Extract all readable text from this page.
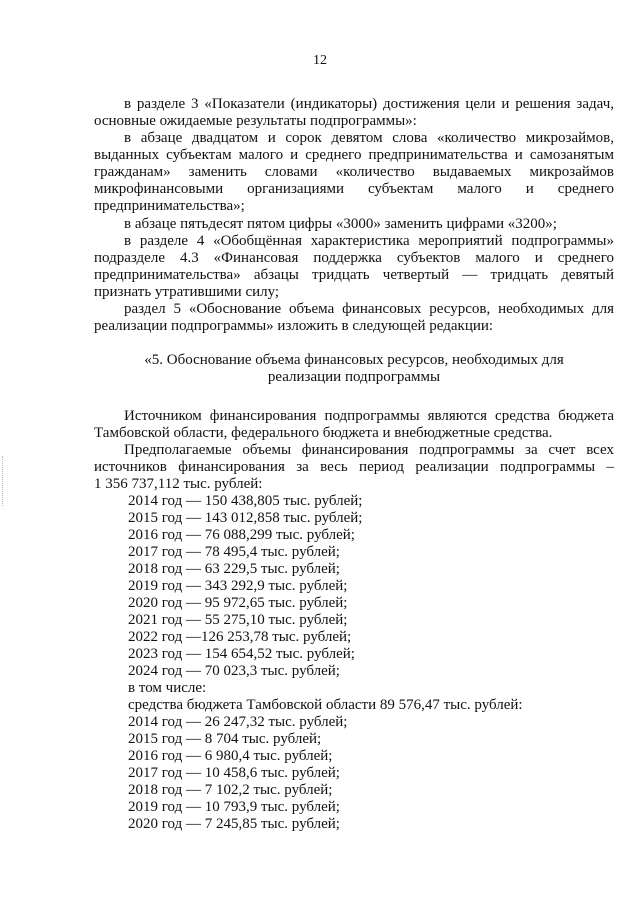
12
в разделе 3 «Показатели (индикаторы) достижения цели и решения задач,
основные ожидаемые результаты подпрограммы»:
в абзаце двадцатом и сорок девятом слова «количество микрозаймов,
выданных субъектам малого и среднего предпринимательства и самозанятым
гражданам» заменить словами «количество выдаваемых микрозаймов
микрофинансовыми организациями субъектам малого и среднего
предпринимательства»;
в абзаце пятьдесят пятом цифры «3000» заменить цифрами «3200»;
в разделе 4 «Обобщённая характеристика мероприятий подпрограммы»
подразделе 4.3 «Финансовая поддержка субъектов малого и среднего
предпринимательства» абзацы тридцать четвертый — тридцать девятый
признать утратившими силу;
раздел 5 «Обоснование объема финансовых ресурсов, необходимых для
реализации подпрограммы» изложить в следующей редакции:
«5. Обоснование объема финансовых ресурсов, необходимых для
реализации подпрограммы
Источником финансирования подпрограммы являются средства бюджета
Тамбовской области, федерального бюджета и внебюджетные средства.
Предполагаемые объемы финансирования подпрограммы за счет всех
источников финансирования за весь период реализации подпрограммы –
1 356 737,112 тыс. рублей:
2014 год — 150 438,805 тыс. рублей;
2015 год — 143 012,858 тыс. рублей;
2016 год — 76 088,299 тыс. рублей;
2017 год — 78 495,4 тыс. рублей;
2018 год — 63 229,5 тыс. рублей;
2019 год — 343 292,9 тыс. рублей;
2020 год — 95 972,65 тыс. рублей;
2021 год — 55 275,10 тыс. рублей;
2022 год —126 253,78 тыс. рублей;
2023 год — 154 654,52 тыс. рублей;
2024 год — 70 023,3 тыс. рублей;
в том числе:
средства бюджета Тамбовской области 89 576,47 тыс. рублей:
2014 год — 26 247,32 тыс. рублей;
2015 год — 8 704 тыс. рублей;
2016 год — 6 980,4 тыс. рублей;
2017 год — 10 458,6 тыс. рублей;
2018 год — 7 102,2 тыс. рублей;
2019 год — 10 793,9 тыс. рублей;
2020 год — 7 245,85 тыс. рублей;
